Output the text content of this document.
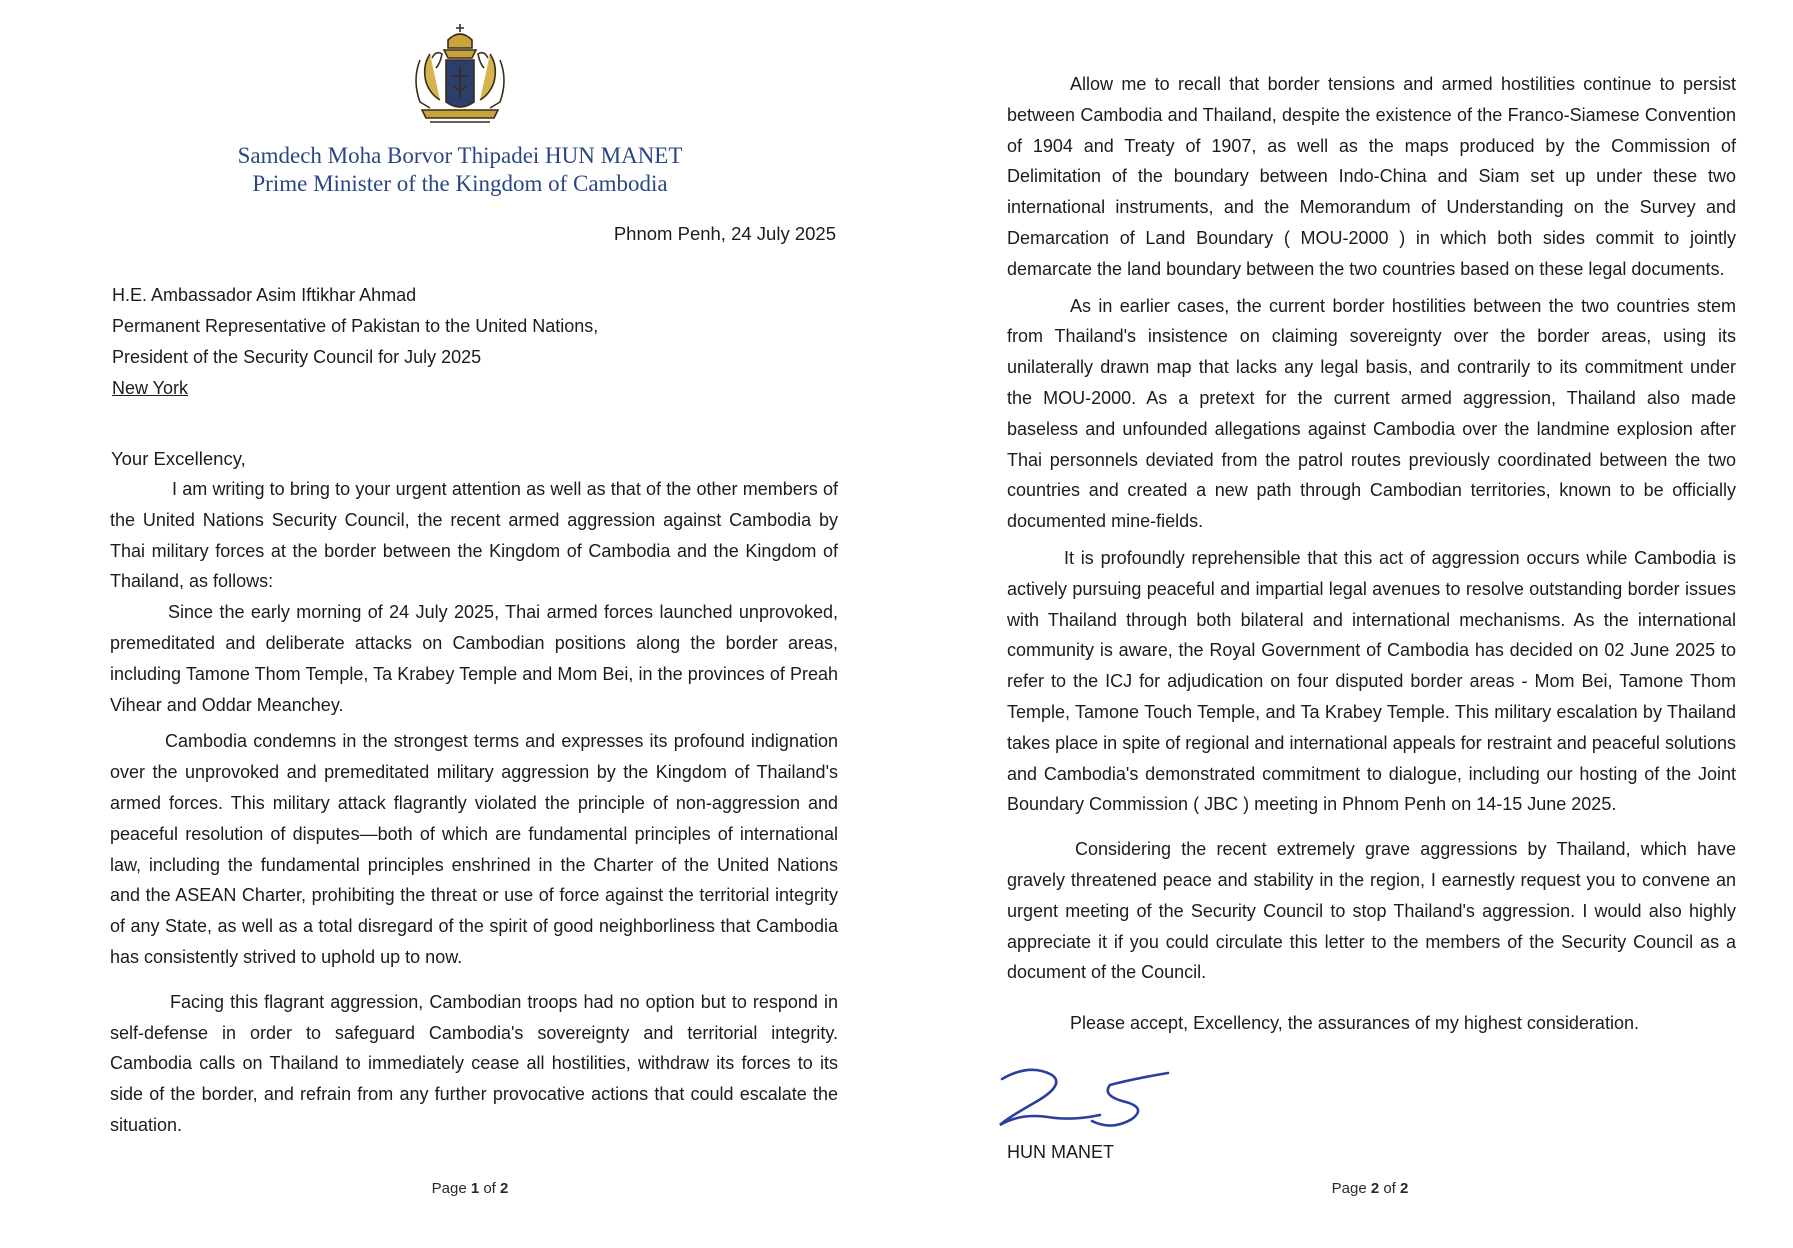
Samdech Moha Borvor Thipadei HUN MANET
Prime Minister of the Kingdom of Cambodia
Phnom Penh, 24 July 2025
H.E. Ambassador Asim Iftikhar Ahmad
Permanent Representative of Pakistan to the United Nations,
President of the Security Council for July 2025
New York
Your Excellency,

I am writing to bring to your urgent attention as well as that of the other members of the United Nations Security Council, the recent armed aggression against Cambodia by Thai military forces at the border between the Kingdom of Cambodia and the Kingdom of Thailand, as follows:

Since the early morning of 24 July 2025, Thai armed forces launched unprovoked, premeditated and deliberate attacks on Cambodian positions along the border areas, including Tamone Thom Temple, Ta Krabey Temple and Mom Bei, in the provinces of Preah Vihear and Oddar Meanchey.

Cambodia condemns in the strongest terms and expresses its profound indignation over the unprovoked and premeditated military aggression by the Kingdom of Thailand's armed forces. This military attack flagrantly violated the principle of non-aggression and peaceful resolution of disputes—both of which are fundamental principles of international law, including the fundamental principles enshrined in the Charter of the United Nations and the ASEAN Charter, prohibiting the threat or use of force against the territorial integrity of any State, as well as a total disregard of the spirit of good neighborliness that Cambodia has consistently strived to uphold up to now.

Facing this flagrant aggression, Cambodian troops had no option but to respond in self-defense in order to safeguard Cambodia's sovereignty and territorial integrity. Cambodia calls on Thailand to immediately cease all hostilities, withdraw its forces to its side of the border, and refrain from any further provocative actions that could escalate the situation.

Page 1 of 2

Allow me to recall that border tensions and armed hostilities continue to persist between Cambodia and Thailand, despite the existence of the Franco-Siamese Convention of 1904 and Treaty of 1907, as well as the maps produced by the Commission of Delimitation of the boundary between Indo-China and Siam set up under these two international instruments, and the Memorandum of Understanding on the Survey and Demarcation of Land Boundary ( MOU-2000 ) in which both sides commit to jointly demarcate the land boundary between the two countries based on these legal documents.

As in earlier cases, the current border hostilities between the two countries stem from Thailand's insistence on claiming sovereignty over the border areas, using its unilaterally drawn map that lacks any legal basis, and contrarily to its commitment under the MOU-2000. As a pretext for the current armed aggression, Thailand also made baseless and unfounded allegations against Cambodia over the landmine explosion after Thai personnels deviated from the patrol routes previously coordinated between the two countries and created a new path through Cambodian territories, known to be officially documented mine-fields.

It is profoundly reprehensible that this act of aggression occurs while Cambodia is actively pursuing peaceful and impartial legal avenues to resolve outstanding border issues with Thailand through both bilateral and international mechanisms. As the international community is aware, the Royal Government of Cambodia has decided on 02 June 2025 to refer to the ICJ for adjudication on four disputed border areas - Mom Bei, Tamone Thom Temple, Tamone Touch Temple, and Ta Krabey Temple. This military escalation by Thailand takes place in spite of regional and international appeals for restraint and peaceful solutions and Cambodia's demonstrated commitment to dialogue, including our hosting of the Joint Boundary Commission ( JBC ) meeting in Phnom Penh on 14-15 June 2025.

Considering the recent extremely grave aggressions by Thailand, which have gravely threatened peace and stability in the region, I earnestly request you to convene an urgent meeting of the Security Council to stop Thailand's aggression. I would also highly appreciate it if you could circulate this letter to the members of the Security Council as a document of the Council.

Please accept, Excellency, the assurances of my highest consideration.
HUN MANET
Page 2 of 2
